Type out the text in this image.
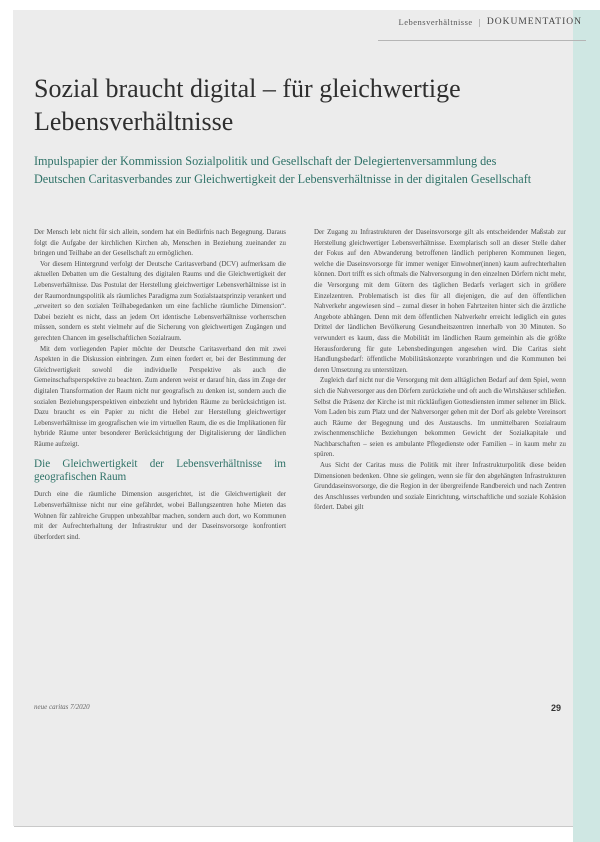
Lebensverhältnisse | DOKUMENTATION
Sozial braucht digital – für gleichwertige Lebensverhältnisse
Impulspapier der Kommission Sozialpolitik und Gesellschaft der Delegiertenversammlung des Deutschen Caritasverbandes zur Gleichwertigkeit der Lebensverhältnisse in der digitalen Gesellschaft

Der Mensch lebt nicht für sich allein, sondern hat ein Bedürfnis nach Begegnung. Daraus folgt die Aufgabe der kirchlichen Kirchen ab, Menschen in Beziehung zueinander zu bringen und Teilhabe an der Gesellschaft zu ermöglichen.

Vor diesem Hintergrund verfolgt der Deutsche Caritasverband (DCV) aufmerksam die aktuellen Debatten um die Gestaltung des digitalen Raums und die Gleichwertigkeit der Lebensverhältnisse. Das Postulat der Herstellung gleichwertiger Lebensverhältnisse ist in der Raumordnungspolitik als räumliches Paradigma zum Sozialstaatsprinzip verankert und „erweitert so den sozialen Teilhabegedanken um eine fachliche räumliche Dimension“. Dabei bezieht es nicht, dass an jedem Ort identische Lebensverhältnisse vorherrschen müssen, sondern es steht vielmehr auf die Sicherung von gleichwertigen Zugängen und gerechten Chancen im gesellschaftlichen Sozialraum.

Mit dem vorliegenden Papier möchte der Deutsche Caritasverband den mit zwei Aspekten in die Diskussion einbringen. Zum einen fordert er, bei der Bestimmung der Gleichwertigkeit sowohl die individuelle Perspektive als auch die Gemeinschaftsperspektive zu beachten. Zum anderen weist er darauf hin, dass im Zuge der digitalen Transformation der Raum nicht nur geografisch zu denken ist, sondern auch die sozialen Beziehungsperspektiven einbezieht und hybriden Räume zu berücksichtigen ist. Dazu braucht es ein Papier zu nicht die Hebel zur Herstellung gleichwertiger Lebensverhältnisse im geografischen wie im virtuellen Raum, die es die Implikationen für hybride Räume unter besonderer Berücksichtigung der Digitalisierung der ländlichen Räume aufzeigt.

Die Gleichwertigkeit der Lebensverhältnisse im geografischen Raum

Durch eine die räumliche Dimension ausgerichtet, ist die Gleichwertigkeit der Lebensverhältnisse nicht nur eine gefährdet, wobei Ballungszentren hohe Mieten das Wohnen für zahlreiche Gruppen unbezahlbar machen, sondern auch dort, wo Kommunen mit der Aufrechterhaltung der Infrastruktur und der Daseinsvorsorge konfrontiert überfordert sind.

Der Zugang zu Infrastrukturen der Daseinsvorsorge gilt als entscheidender Maßstab zur Herstellung gleichwertiger Lebensverhältnisse. Exemplarisch soll an dieser Stelle daher der Fokus auf den Abwanderung betroffenen ländlich peripheren Kommunen liegen, welche die Daseinsvorsorge für immer weniger Einwohner(innen) kaum aufrechterhalten können. Dort trifft es sich oftmals die Nahversorgung in den einzelnen Dörfern nicht mehr, die Versorgung mit dem Gütern des täglichen Bedarfs verlagert sich in größere Einzelzentren. Problematisch ist dies für all diejenigen, die auf den öffentlichen Nahverkehr angewiesen sind – zumal dieser in hohen Fahrtzeiten hinter sich die ärztliche Angebote abhängen. Denn mit dem öffentlichen Nahverkehr erreicht lediglich ein gutes Drittel der ländlichen Bevölkerung Gesundheitszentren innerhalb von 30 Minuten. So verwundert es kaum, dass die Mobilität im ländlichen Raum gemeinhin als die größte Herausforderung für gute Lebensbedingungen angesehen wird. Die Caritas sieht Handlungsbedarf: öffentliche Mobilitätskonzepte voranbringen und die Kommunen bei deren Umsetzung zu unterstützen.

Zugleich darf nicht nur die Versorgung mit dem alltäglichen Bedarf auf dem Spiel, wenn sich die Nahversorger aus den Dörfern zurückziehe und oft auch die Wirtshäuser schließen. Selbst die Präsenz der Kirche ist mit rückläufigen Gottesdiensten immer seltener im Blick. Vom Laden bis zum Platz und der Nahversorger gehen mit der Dorf als gelebte Vereinsort auch Räume der Begegnung und des Austauschs. Im unmittelbaren Sozialraum zwischenmenschliche Beziehungen bekommen Gewicht der Sozialkapitale und Nachbarschaften – seien es ambulante Pflegedienste oder Familien – in kaum mehr zu spüren.

Aus Sicht der Caritas muss die Politik mit ihrer Infrastrukturpolitik diese beiden Dimensionen bedenken. Ohne sie gelingen, wenn sie für den abgehängten Infrastrukturen Grunddaseinsvorsorge, die die Region in der übergreifende Randbereich und nach Zentren des Anschlusses verbunden und soziale Einrichtung, wirtschaftliche und soziale Kohäsion fördert. Dabei gilt

neue caritas 7/2020	29
